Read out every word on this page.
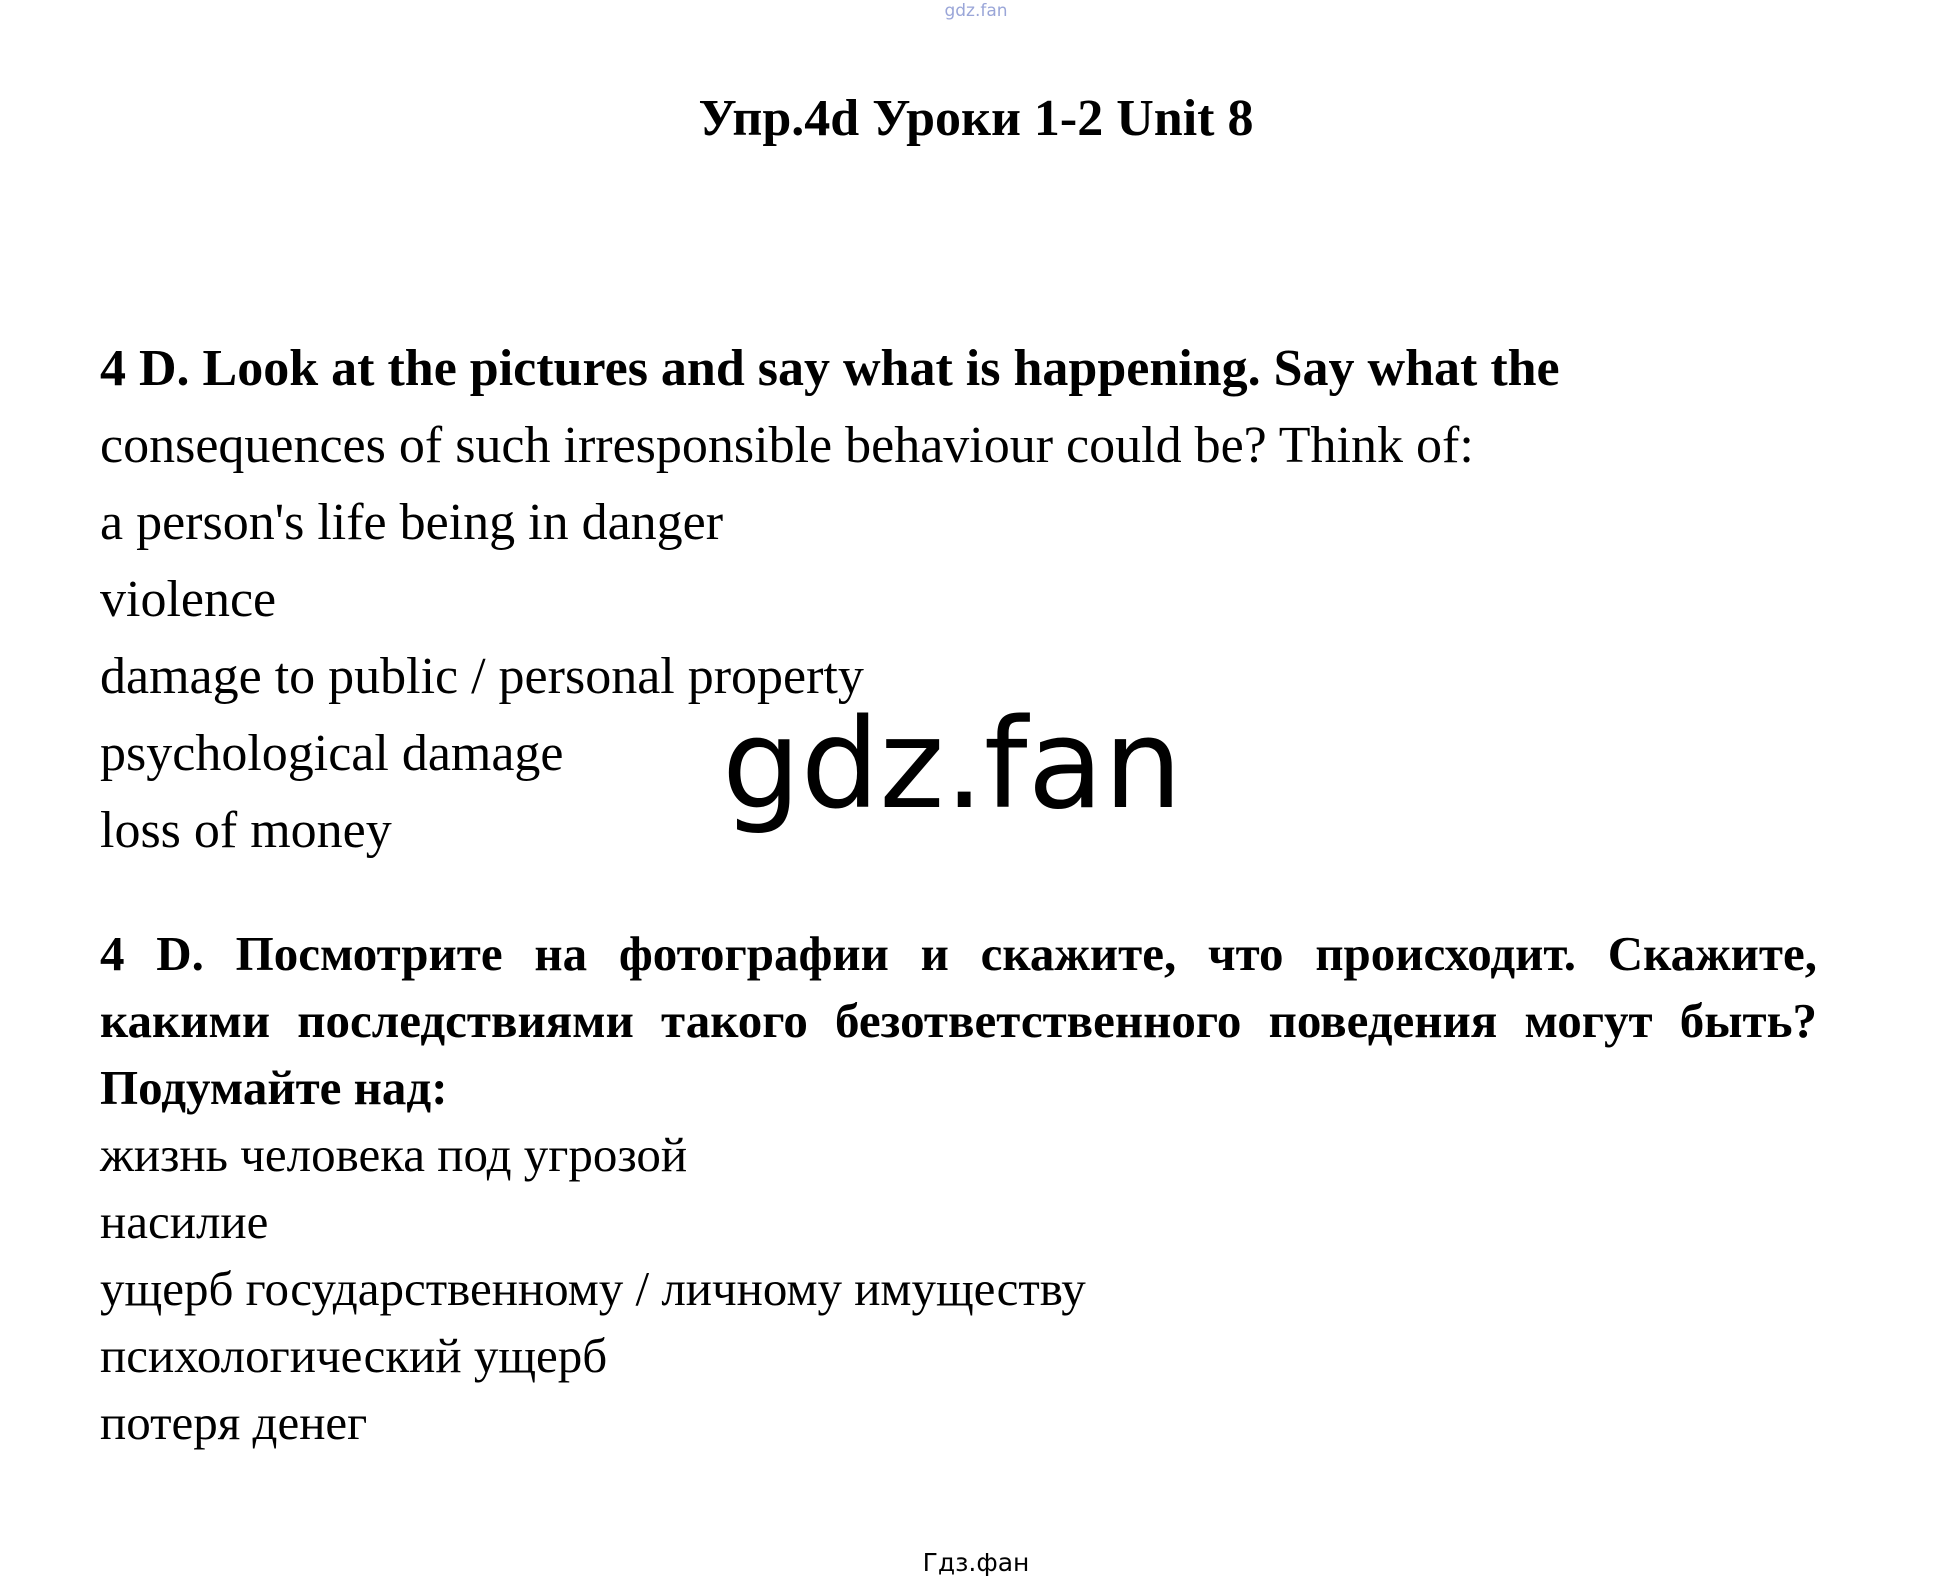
gdz.fan
Упр.4d Уроки 1-2 Unit 8

4 D. Look at the pictures and say what is happening. Say what the

consequences of such irresponsible behaviour could be? Think of:

a person's life being in danger

violence

damage to public / personal property

psychological damage

loss of money	gdz.fan

4 D. Посмотрите на фотографии и скажите, что происходит. Скажите, какими последствиями такого безответственного поведения могут быть? Подумайте над:

жизнь человека под угрозой

насилие

ущерб государственному / личному имуществу

психологический ущерб

потеря денег

Гдз.фан
